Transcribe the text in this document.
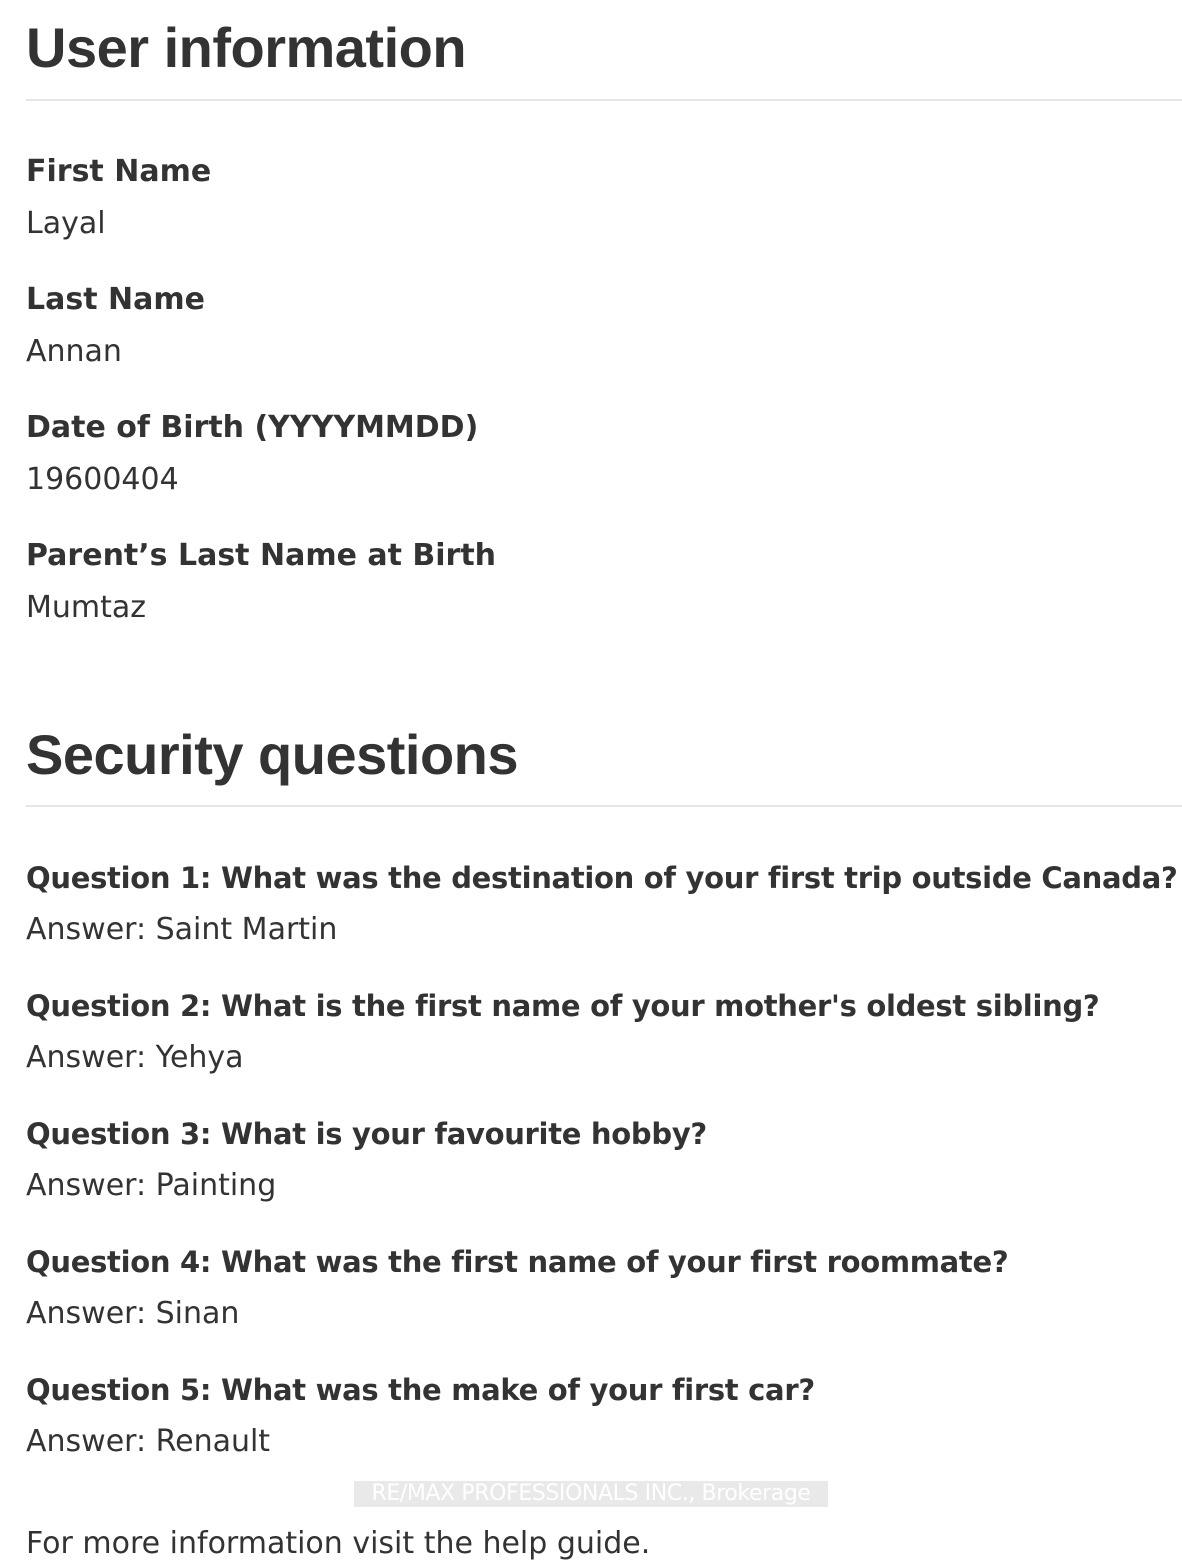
User information
First Name
Layal
Last Name
Annan
Date of Birth (YYYYMMDD)
19600404
Parent’s Last Name at Birth
Mumtaz
Security questions
Question 1: What was the destination of your first trip outside Canada?
Answer: Saint Martin
Question 2: What is the first name of your mother's oldest sibling?
Answer: Yehya
Question 3: What is your favourite hobby?
Answer: Painting
Question 4: What was the first name of your first roommate?
Answer: Sinan
Question 5: What was the make of your first car?
Answer: Renault
RE/MAX PROFESSIONALS INC., Brokerage
For more information visit the help guide.
